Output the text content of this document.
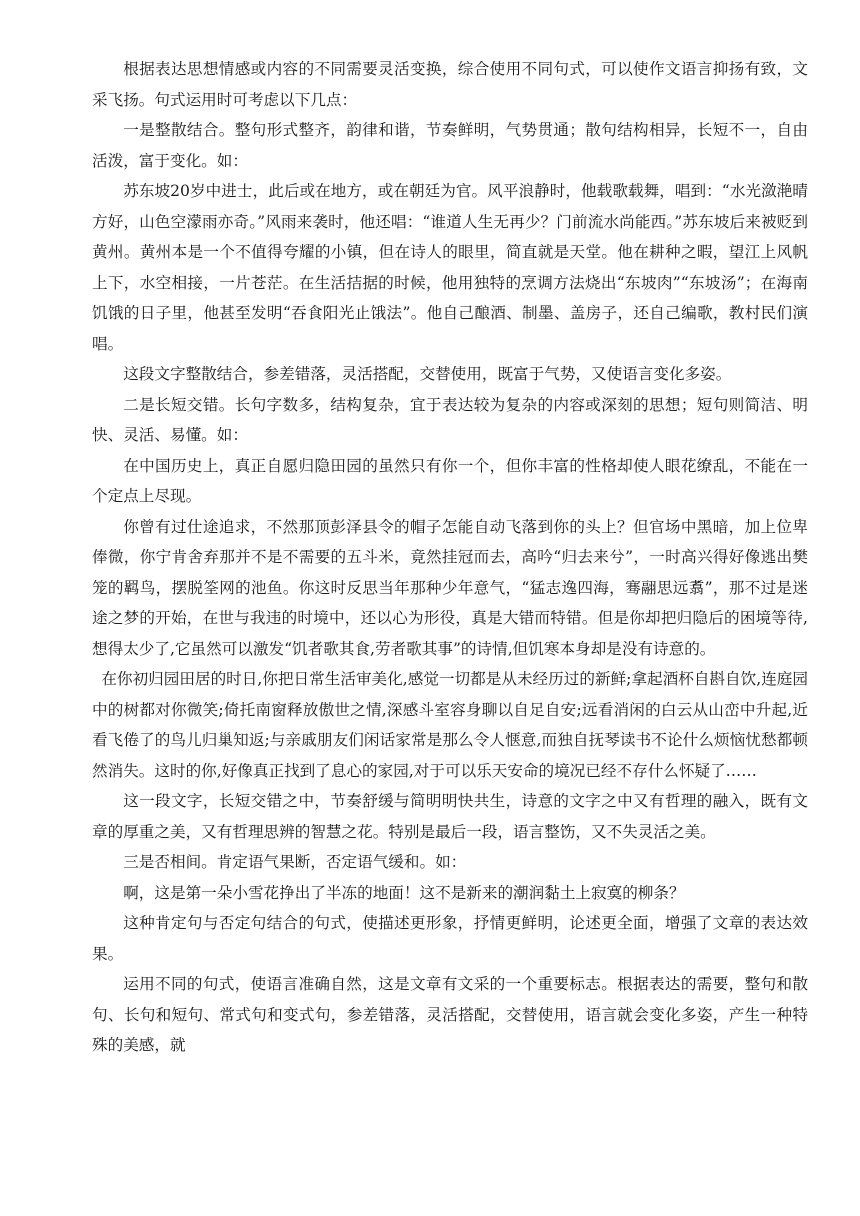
根据表达思想情感或内容的不同需要灵活变换，综合使用不同句式，可以使作文语言抑扬有致，文采飞扬。句式运用时可考虑以下几点：

一是整散结合。整句形式整齐，韵律和谐，节奏鲜明，气势贯通；散句结构相异，长短不一，自由活泼，富于变化。如：

苏东坡20岁中进士，此后或在地方，或在朝廷为官。风平浪静时，他载歌载舞，唱到：“水光潋滟晴方好，山色空濛雨亦奇。”风雨来袭时，他还唱：“谁道人生无再少？门前流水尚能西。”苏东坡后来被贬到黄州。黄州本是一个不值得夸耀的小镇，但在诗人的眼里，简直就是天堂。他在耕种之暇，望江上风帆上下，水空相接，一片苍茫。在生活拮据的时候，他用独特的烹调方法烧出“东坡肉”“东坡汤”；在海南饥饿的日子里，他甚至发明“吞食阳光止饿法”。他自己酿酒、制墨、盖房子，还自己编歌，教村民们演唱。

这段文字整散结合，参差错落，灵活搭配，交替使用，既富于气势，又使语言变化多姿。

二是长短交错。长句字数多，结构复杂，宜于表达较为复杂的内容或深刻的思想；短句则简洁、明快、灵活、易懂。如：

在中国历史上，真正自愿归隐田园的虽然只有你一个，但你丰富的性格却使人眼花缭乱，不能在一个定点上尽现。

你曾有过仕途追求，不然那顶彭泽县令的帽子怎能自动飞落到你的头上？但官场中黑暗，加上位卑俸微，你宁肯舍弃那并不是不需要的五斗米，竟然挂冠而去，高吟“归去来兮”，一时高兴得好像逃出樊笼的羁鸟，摆脱筌网的池鱼。你这时反思当年那种少年意气，“猛志逸四海，骞翮思远翥”，那不过是迷途之梦的开始，在世与我违的时境中，还以心为形役，真是大错而特错。但是你却把归隐后的困境等待,想得太少了,它虽然可以激发“饥者歌其食,劳者歌其事”的诗情,但饥寒本身却是没有诗意的。

在你初归园田居的时日,你把日常生活审美化,感觉一切都是从未经历过的新鲜;拿起酒杯自斟自饮,连庭园中的树都对你微笑;倚托南窗释放傲世之情,深感斗室容身聊以自足自安;远看消闲的白云从山峦中升起,近看飞倦了的鸟儿归巢知返;与亲戚朋友们闲话家常是那么令人惬意,而独自抚琴读书不论什么烦恼忧愁都顿然消失。这时的你,好像真正找到了息心的家园,对于可以乐天安命的境况已经不存什么怀疑了……

这一段文字，长短交错之中，节奏舒缓与简明明快共生，诗意的文字之中又有哲理的融入，既有文章的厚重之美，又有哲理思辨的智慧之花。特别是最后一段，语言整饬，又不失灵活之美。

三是否相间。肯定语气果断，否定语气缓和。如：

啊，这是第一朵小雪花挣出了半冻的地面！这不是新来的潮润黏土上寂寞的柳条？

这种肯定句与否定句结合的句式，使描述更形象，抒情更鲜明，论述更全面，增强了文章的表达效果。

运用不同的句式，使语言准确自然，这是文章有文采的一个重要标志。根据表达的需要，整句和散句、长句和短句、常式句和变式句，参差错落，灵活搭配，交替使用，语言就会变化多姿，产生一种特殊的美感，就
